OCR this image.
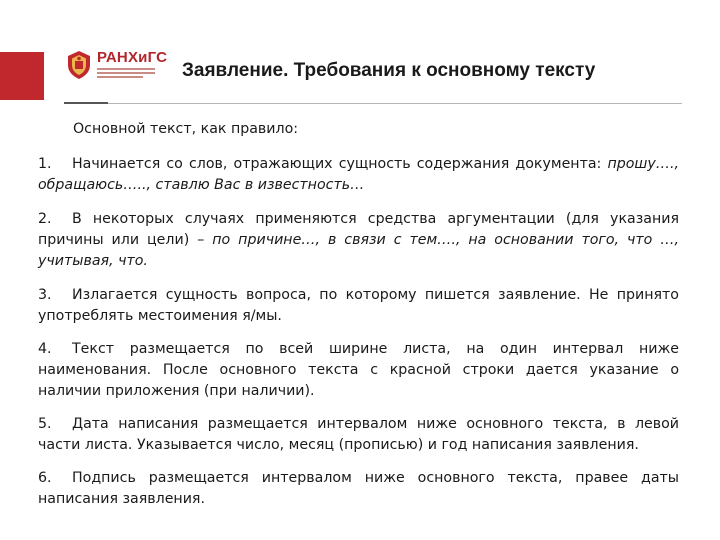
РАНХиГС
Заявление. Требования к основному тексту
Основной текст, как правило:
1. Начинается со слов, отражающих сущность содержания документа: прошу…., обращаюсь….., ставлю Вас в известность…
2. В некоторых случаях применяются средства аргументации (для указания причины или цели) – по причине…, в связи с тем…., на основании того, что …, учитывая, что.
3. Излагается сущность вопроса, по которому пишется заявление. Не принято употреблять местоимения я/мы.
4. Текст размещается по всей ширине листа, на один интервал ниже наименования. После основного текста с красной строки дается указание о наличии приложения (при наличии).
5. Дата написания размещается интервалом ниже основного текста, в левой части листа. Указывается число, месяц (прописью) и год написания заявления.
6. Подпись размещается интервалом ниже основного текста, правее даты написания заявления.
